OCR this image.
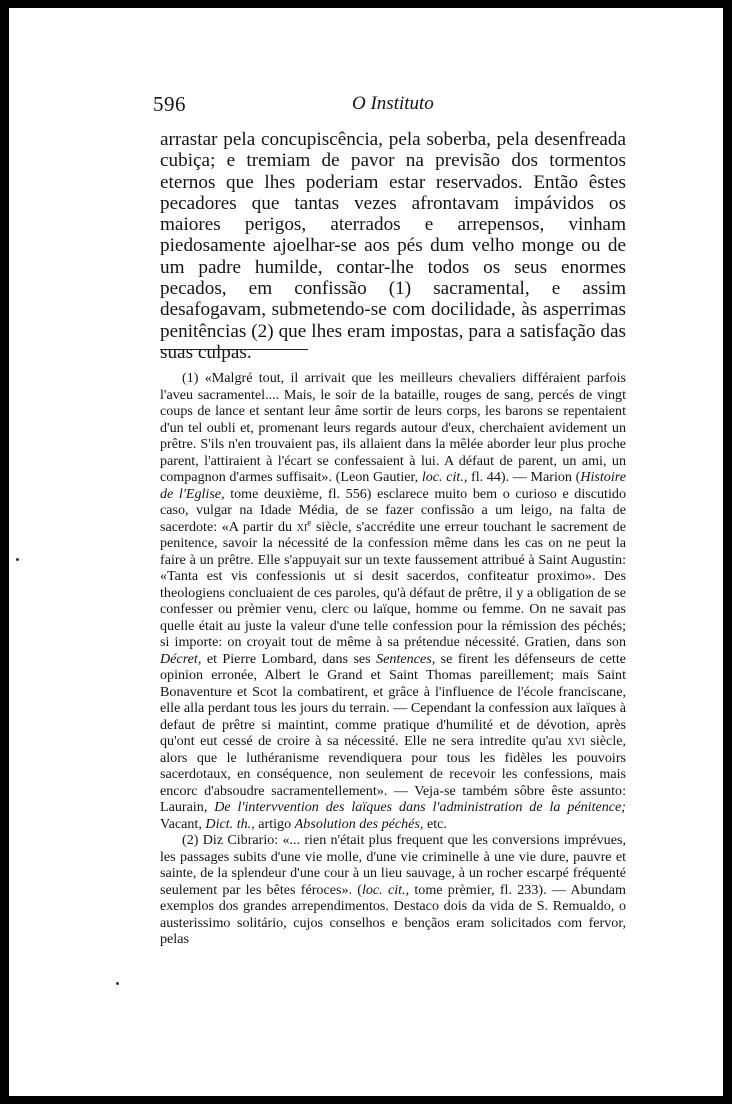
596	O Instituto

arrastar pela concupiscência, pela soberba, pela desenfreada cubiça; e tremiam de pavor na previsão dos tormentos eternos que lhes poderiam estar reservados. Então êstes pecadores que tantas vezes afrontavam impávidos os maiores perigos, aterrados e arrepensos, vinham piedosamente ajoelhar-se aos pés dum velho monge ou de um padre humilde, contar-lhe todos os seus enormes pecados, em confissão (1) sacramental, e assim desafogavam, submetendo-se com docilidade, às asperrimas penitências (2) que lhes eram impostas, para a satisfação das suas culpas.

(1) «Malgré tout, il arrivait que les meilleurs chevaliers différaient parfois l'aveu sacramentel.... Mais, le soir de la bataille, rouges de sang, percés de vingt coups de lance et sentant leur âme sortir de leurs corps, les barons se repentaient d'un tel oubli et, promenant leurs regards autour d'eux, cherchaient avidement un prêtre. S'ils n'en trouvaient pas, ils allaient dans la mêlée aborder leur plus proche parent, l'attiraient à l'écart se confessaient à lui. A défaut de parent, un ami, un compagnon d'armes suffisait». (Leon Gautier, loc. cit., fl. 44). — Marion (Histoire de l'Eglise, tome deuxième, fl. 556) esclarece muito bem o curioso e discutido caso, vulgar na Idade Média, de se fazer confissão a um leigo, na falta de sacerdote: «A partir du $xi^e$ siècle, s'accrédite une erreur touchant le sacrement de penitence, savoir la nécessité de la confession même dans les cas on ne peut la faire à un prêtre. Elle s'appuyait sur un texte faussement attribué à Saint Augustin: «Tanta est vis confessionis ut si desit sacerdos, confiteatur proximo». Des theologiens concluaient de ces paroles, qu'à défaut de prêtre, il y a obligation de se confesser ou prèmier venu, clerc ou laïque, homme ou femme. On ne savait pas quelle était au juste la valeur d'une telle confession pour la rémission des péchés; si importe: on croyait tout de même à sa prétendue nécessité. Gratien, dans son Décret, et Pierre Lombard, dans ses Sentences, se firent les défenseurs de cette opinion erronée, Albert le Grand et Saint Thomas pareillement; mais Saint Bonaventure et Scot la combatirent, et grâce à l'influence de l'école franciscane, elle alla perdant tous les jours du terrain. — Cependant la confession aux laïques à defaut de prêtre si maintint, comme pratique d'humilité et de dévotion, après qu'ont eut cessé de croire à sa nécessité. Elle ne sera intredite qu'au xvi siècle, alors que le luthéranisme revendiquera pour tous les fidèles les pouvoirs sacerdotaux, en conséquence, non seulement de recevoir les confessions, mais encorc d'absoudre sacramentellement». — Veja-se também sôbre êste assunto: Laurain, De l'intervvention des laïques dans l'administration de la pénitence; Vacant, Dict. th., artigo Absolution des péchés, etc.

(2) Diz Cibrario: «... rien n'était plus frequent que les conversions imprévues, les passages subits d'une vie molle, d'une vie criminelle à une vie dure, pauvre et sainte, de la splendeur d'une cour à un lieu sauvage, à un rocher escarpé fréquenté seulement par les bêtes féroces». (loc. cit., tome prèmier, fl. 233). — Abundam exemplos dos grandes arrependimentos. Destaco dois da vida de S. Remualdo, o austerissimo solitário, cujos conselhos e bençãos eram solicitados com fervor, pelas
